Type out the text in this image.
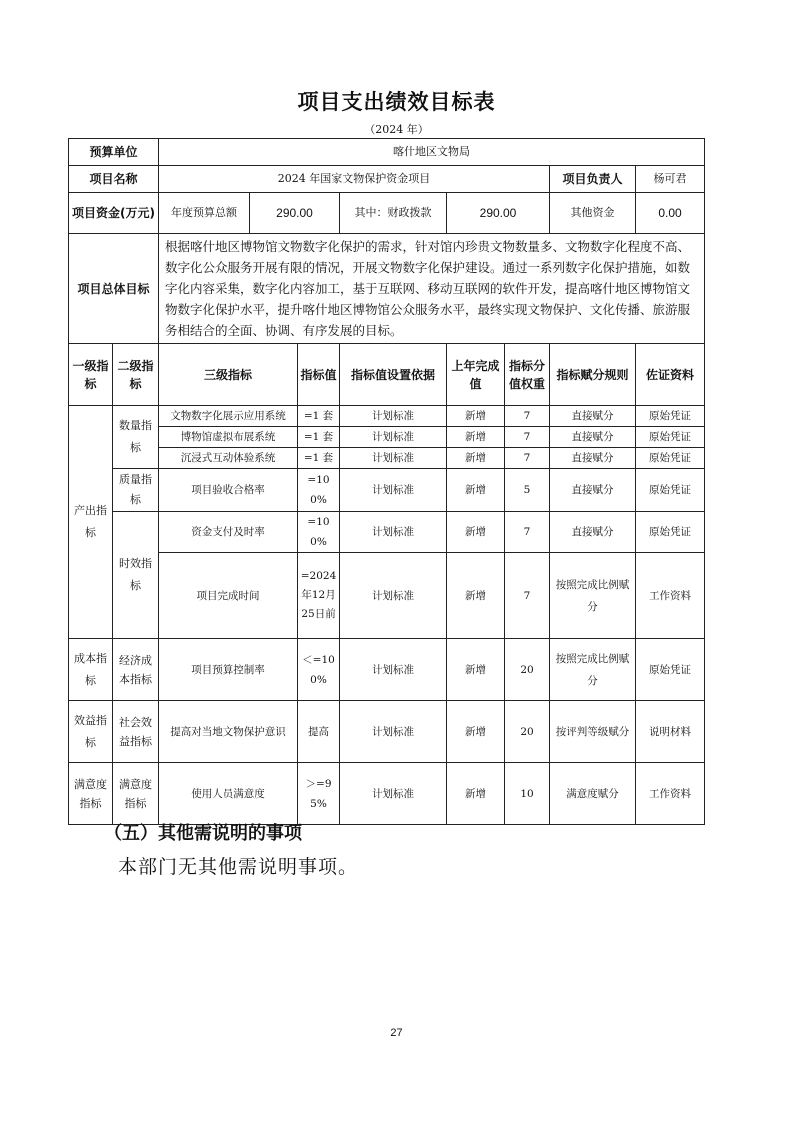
项目支出绩效目标表
（2024 年）
预算单位		喀什地区文物局							
项目名称		2024 年国家文物保护资金项目						项目负责人	杨可君
项目资金(万元)		年度预算总额	290.00		其中：财政拨款	290.00		其他资金	0.00
项目总体目标		根据喀什地区博物馆文物数字化保护的需求，针对馆内珍贵文物数量多、文物数字化程度不高、数字化公众服务开展有限的情况，开展文物数字化保护建设。通过一系列数字化保护措施，如数字化内容采集，数字化内容加工，基于互联网、移动互联网的软件开发，提高喀什地区博物馆文物数字化保护水平，提升喀什地区博物馆公众服务水平，最终实现文物保护、文化传播、旅游服务相结合的全面、协调、有序发展的目标。							
一级指标	二级指标	三级指标		指标值	指标值设置依据	上年完成值	指标分值权重	指标赋分规则	佐证资料
产出指标	数量指标	文物数字化展示应用系统		=1 套	计划标准	新增	7	直接赋分	原始凭证
		博物馆虚拟布展系统		=1 套	计划标准	新增	7	直接赋分	原始凭证
		沉浸式互动体验系统		=1 套	计划标准	新增	7	直接赋分	原始凭证
	质量指标	项目验收合格率		=100%	计划标准	新增	5	直接赋分	原始凭证
	时效指标	资金支付及时率		=100%	计划标准	新增	7	直接赋分	原始凭证
		项目完成时间		=2024年12月25日前	计划标准	新增	7	按照完成比例赋分	工作资料
成本指标	经济成本指标	项目预算控制率		＜=100%	计划标准	新增	20	按照完成比例赋分	原始凭证
效益指标	社会效益指标	提高对当地文物保护意识		提高	计划标准	新增	20	按评判等级赋分	说明材料
满意度指标	满意度指标	使用人员满意度		＞=95%	计划标准	新增	10	满意度赋分	工作资料
（五）其他需说明的事项
本部门无其他需说明事项。
27
